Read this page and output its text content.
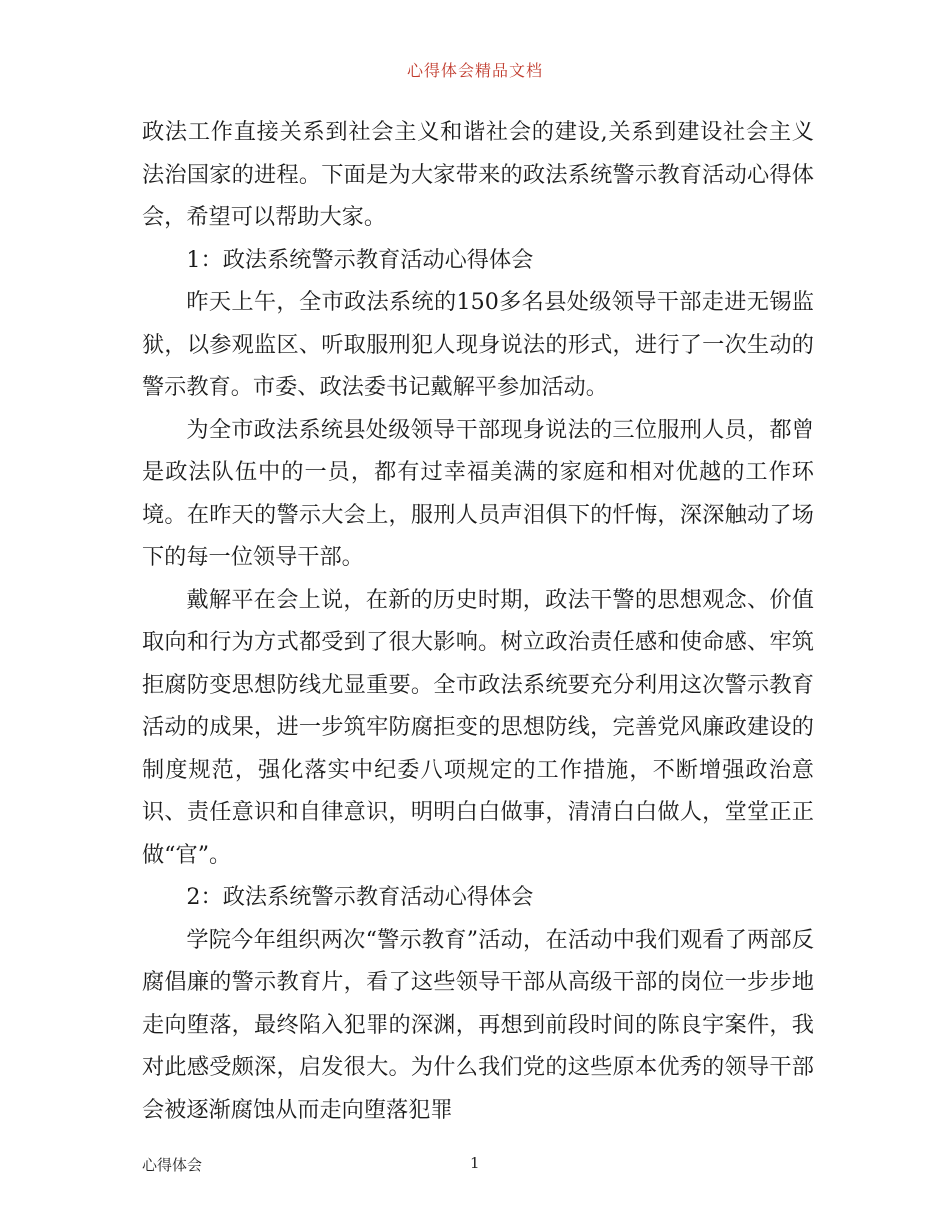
心得体会精品文档

政法工作直接关系到社会主义和谐社会的建设,关系到建设社会主义法治国家的进程。下面是为大家带来的政法系统警示教育活动心得体会，希望可以帮助大家。

1：政法系统警示教育活动心得体会

昨天上午，全市政法系统的150多名县处级领导干部走进无锡监狱，以参观监区、听取服刑犯人现身说法的形式，进行了一次生动的警示教育。市委、政法委书记戴解平参加活动。

为全市政法系统县处级领导干部现身说法的三位服刑人员，都曾是政法队伍中的一员，都有过幸福美满的家庭和相对优越的工作环境。在昨天的警示大会上，服刑人员声泪俱下的忏悔，深深触动了场下的每一位领导干部。

戴解平在会上说，在新的历史时期，政法干警的思想观念、价值取向和行为方式都受到了很大影响。树立政治责任感和使命感、牢筑拒腐防变思想防线尤显重要。全市政法系统要充分利用这次警示教育活动的成果，进一步筑牢防腐拒变的思想防线，完善党风廉政建设的制度规范，强化落实中纪委八项规定的工作措施，不断增强政治意识、责任意识和自律意识，明明白白做事，清清白白做人，堂堂正正做“官”。

2：政法系统警示教育活动心得体会

学院今年组织两次“警示教育”活动，在活动中我们观看了两部反腐倡廉的警示教育片，看了这些领导干部从高级干部的岗位一步步地走向堕落，最终陷入犯罪的深渊，再想到前段时间的陈良宇案件，我对此感受颇深，启发很大。为什么我们党的这些原本优秀的领导干部会被逐渐腐蚀从而走向堕落犯罪

心得体会	1
